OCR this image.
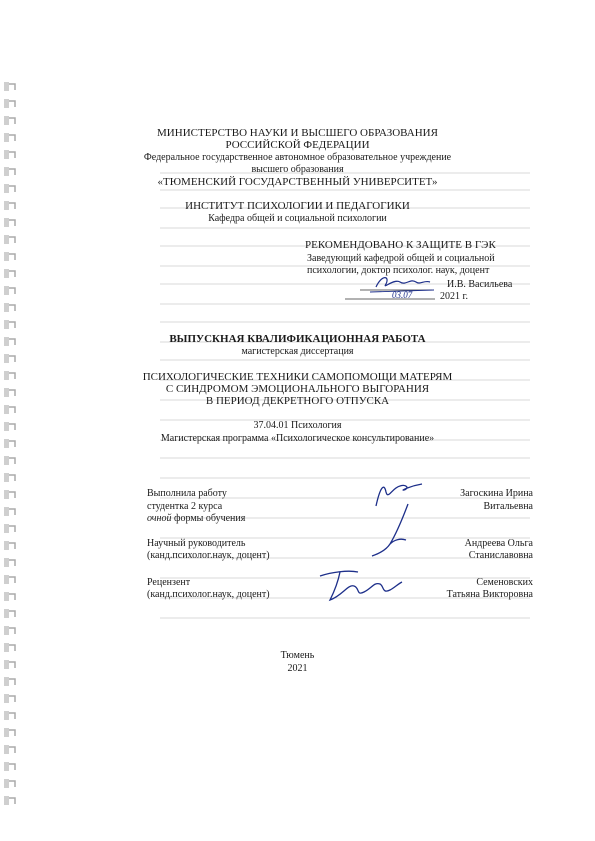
МИНИСТЕРСТВО НАУКИ И ВЫСШЕГО ОБРАЗОВАНИЯ
РОССИЙСКОЙ ФЕДЕРАЦИИ
Федеральное государственное автономное образовательное учреждение
высшего образования
«ТЮМЕНСКИЙ ГОСУДАРСТВЕННЫЙ УНИВЕРСИТЕТ»
ИНСТИТУТ ПСИХОЛОГИИ И ПЕДАГОГИКИ
Кафедра общей и социальной психологии
РЕКОМЕНДОВАНО К ЗАЩИТЕ В ГЭК
Заведующий кафедрой общей и социальной
психологии, доктор психолог. наук, доцент
И.В. Васильева
03.07	2021 г.
ВЫПУСКНАЯ КВАЛИФИКАЦИОННАЯ РАБОТА
магистерская диссертация
ПСИХОЛОГИЧЕСКИЕ ТЕХНИКИ САМОПОМОЩИ МАТЕРЯМ
С СИНДРОМОМ ЭМОЦИОНАЛЬНОГО ВЫГОРАНИЯ
В ПЕРИОД ДЕКРЕТНОГО ОТПУСКА
37.04.01 Психология
Магистерская программа «Психологическое консультирование»
Выполнила работу
студентка 2 курса
очной формы обучения
Загоскина Ирина
Витальевна
Научный руководитель
(канд.психолог.наук, доцент)
Андреева Ольга
Станиславовна
Рецензент
(канд.психолог.наук, доцент)
Семеновских
Татьяна Викторовна
Тюмень
2021
